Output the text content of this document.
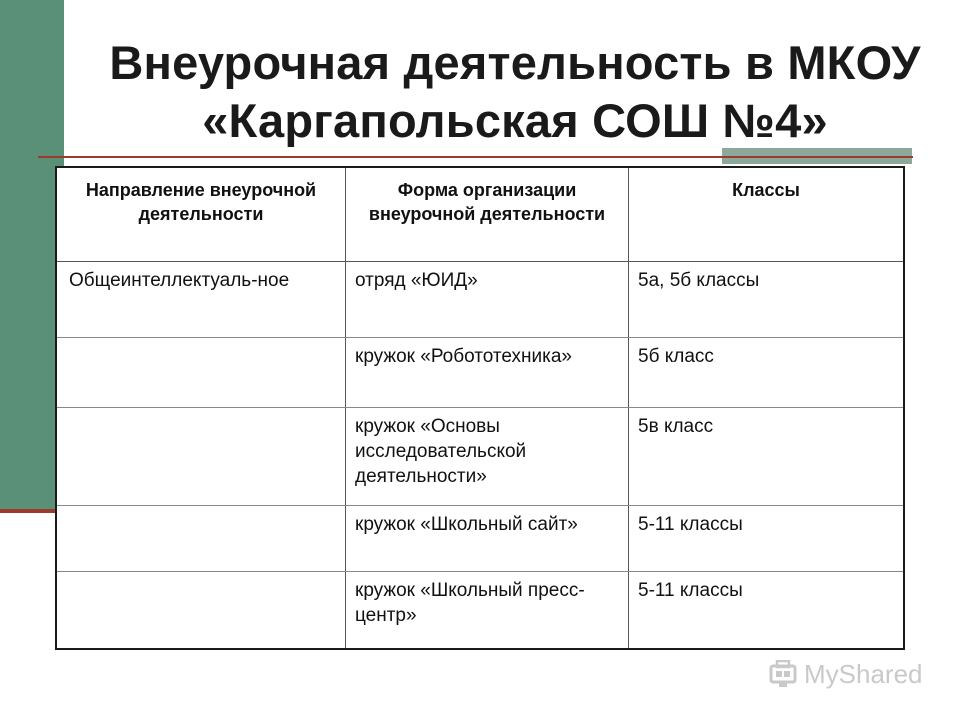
Внеурочная деятельность в МКОУ
«Каргапольская СОШ №4»
Направление внеурочной деятельности	Форма организации внеурочной деятельности	Классы
Общеинтеллектуаль-ное	отряд «ЮИД»	5а, 5б классы
	кружок «Робототехника»	5б класс
	кружок «Основы исследовательской деятельности»	5в класс
	кружок «Школьный сайт»	5-11 классы
	кружок «Школьный пресс-центр»	5-11 классы
MyShared
